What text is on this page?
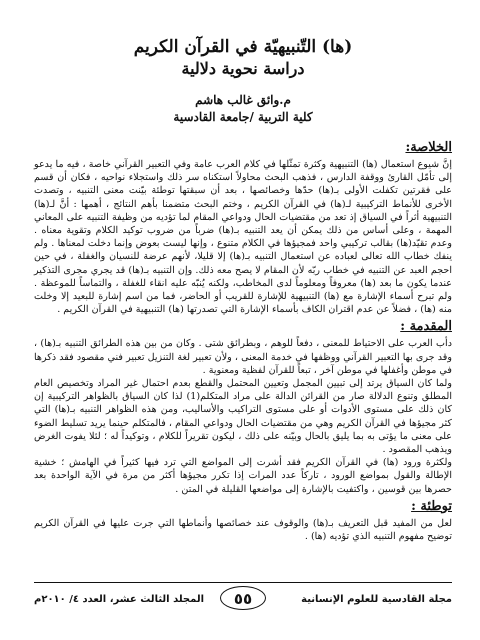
(ها) التّنبيهيّة في القرآن الكريم
دراسة نحوية دلالية

م.وائق غالب هاشم

كلية التربية /جامعة القادسية

الخلاصة:

إنَّ شيوع استعمال (ها) التنبيهية وكثرة تمثّلها في كلام العرب عامة وفي التعبير القرآني خاصة ، فيه ما يدعو إلى تأمّل القارئ ووقفة الدارس ، فذهب البحث محاولاً استكناه سر ذلك واستجلاء نواحيه ، فكان أن قسم على فقرتين تكفلت الأولى بـ(ها) حدّها وخصائصها ، بعد أن سبقتها توطئة بيّنت معنى التنبيه ، وتصدت الأخرى للأنماط التركيبية لـ(ها) في القرآن الكريم ، وختم البحث متضمنا بأهم النتائج ، أهمها : أنَّ لـ(ها) التنبيهية أثراً في السياق إذ تعد من مقتضيات الحال ودواعي المقام لما تؤديه من وظيفة التنبيه على المعاني المهمة ، وعلى أساس من ذلك يمكن أن يعد التنبيه بـ(ها) ضرباً من ضروب توكيد الكلام وتقوية معناه . وعدم تقيّد(ها) بقالب تركيبي واحد فمجيؤها في الكلام متنوع ، وإنها ليست بعوض وإنما دخلت لمعناها . ولم ينفك خطاب الله تعالى لعباده عن استعمال التنبيه بـ(ها) إلا قليلا، لأنهم عرضة للنسيان والغفلة ، في حين احجم العبد عن التنبيه في خطاب ربّه لأن المقام لا يصح معه ذلك. وإن التنبيه بـ(ها) قد يجري مجرى التذكير عندما يكون ما بعد (ها) معروفاً ومعلوماً لدى المخاطب، ولكنه يُنبّه عليه انقاء للغفلة ، والتماساً للموعظة . ولم تبرح أسماء الإشارة مع (ها) التنبيهية للإشارة للقريب أو الحاضر، فما من اسم إشارة للبعيد إلا وخلت منه (ها) ، فضلاً عن عدم اقتران الكاف بأسماء الإشارة التي تصدرتها (ها) التنبيهية في القرآن الكريم .

المقدمة :

دأب العرب على الاحتياط للمعنى ، دفعاً للوهم ، وبطرائق شتى . وكان من بين هذه الطرائق التنبيه بـ(ها) ، وقد جرى بها التعبير القرآني ووظفها في خدمة المعنى ، ولأن تعبير لغة التنزيل تعبير فني مقصود فقد ذكرها في موطن وأغفلها في موطن آخر ، تبعاً للقرآن لفظية ومعنوية .

ولما كان السياق يرتد إلى تبيين المجمل وتعيين المحتمل والقطع بعدم احتمال غير المراد وتخصيص العام المطلق وتنوع الدلالة صار من القرائن الدالة على مراد المتكلم(1) لذا كان السياق بالظواهر التركيبية إن كان ذلك على مستوى الأدوات أو على مستوى التراكيب والأساليب، ومن هذه الظواهر التنبيه بـ(ها) التي كثر مجيؤها في القرآن الكريم وهي من مقتضيات الحال ودواعي المقام ، فالمتكلم حينما يريد تسليط الضوء على معنى ما يؤتى به بما يليق بالحال وبيّنه على ذلك ، ليكون تقريراً للكلام ، وتوكيداً له ؛ لئلا يفوت الغرض ويذهب المقصود .

ولكثرة ورود (ها) في القرآن الكريم فقد أشرت إلى المواضع التي ترد فيها كثيراً في الهامش ؛ خشية الإطالة والقول بمواضع الورود ، تاركاً عدد المرات إذا تكرر مجيؤها أكثر من مرة في الآية الواحدة بعد حصرها بين قوسين ، واكتفيت بالإشارة إلى مواضعها القليلة في المتن .

توطئة :

لعل من المفيد قبل التعريف بـ(ها) والوقوف عند خصائصها وأنماطها التي جرت عليها في القرآن الكريم توضيح مفهوم التنبيه الذي تؤديه (ها) .

مجلة القادسية للعلوم الإنسانية
٥٥
المجلد الثالث عشر، العدد ٤/ ٢٠١٠م
